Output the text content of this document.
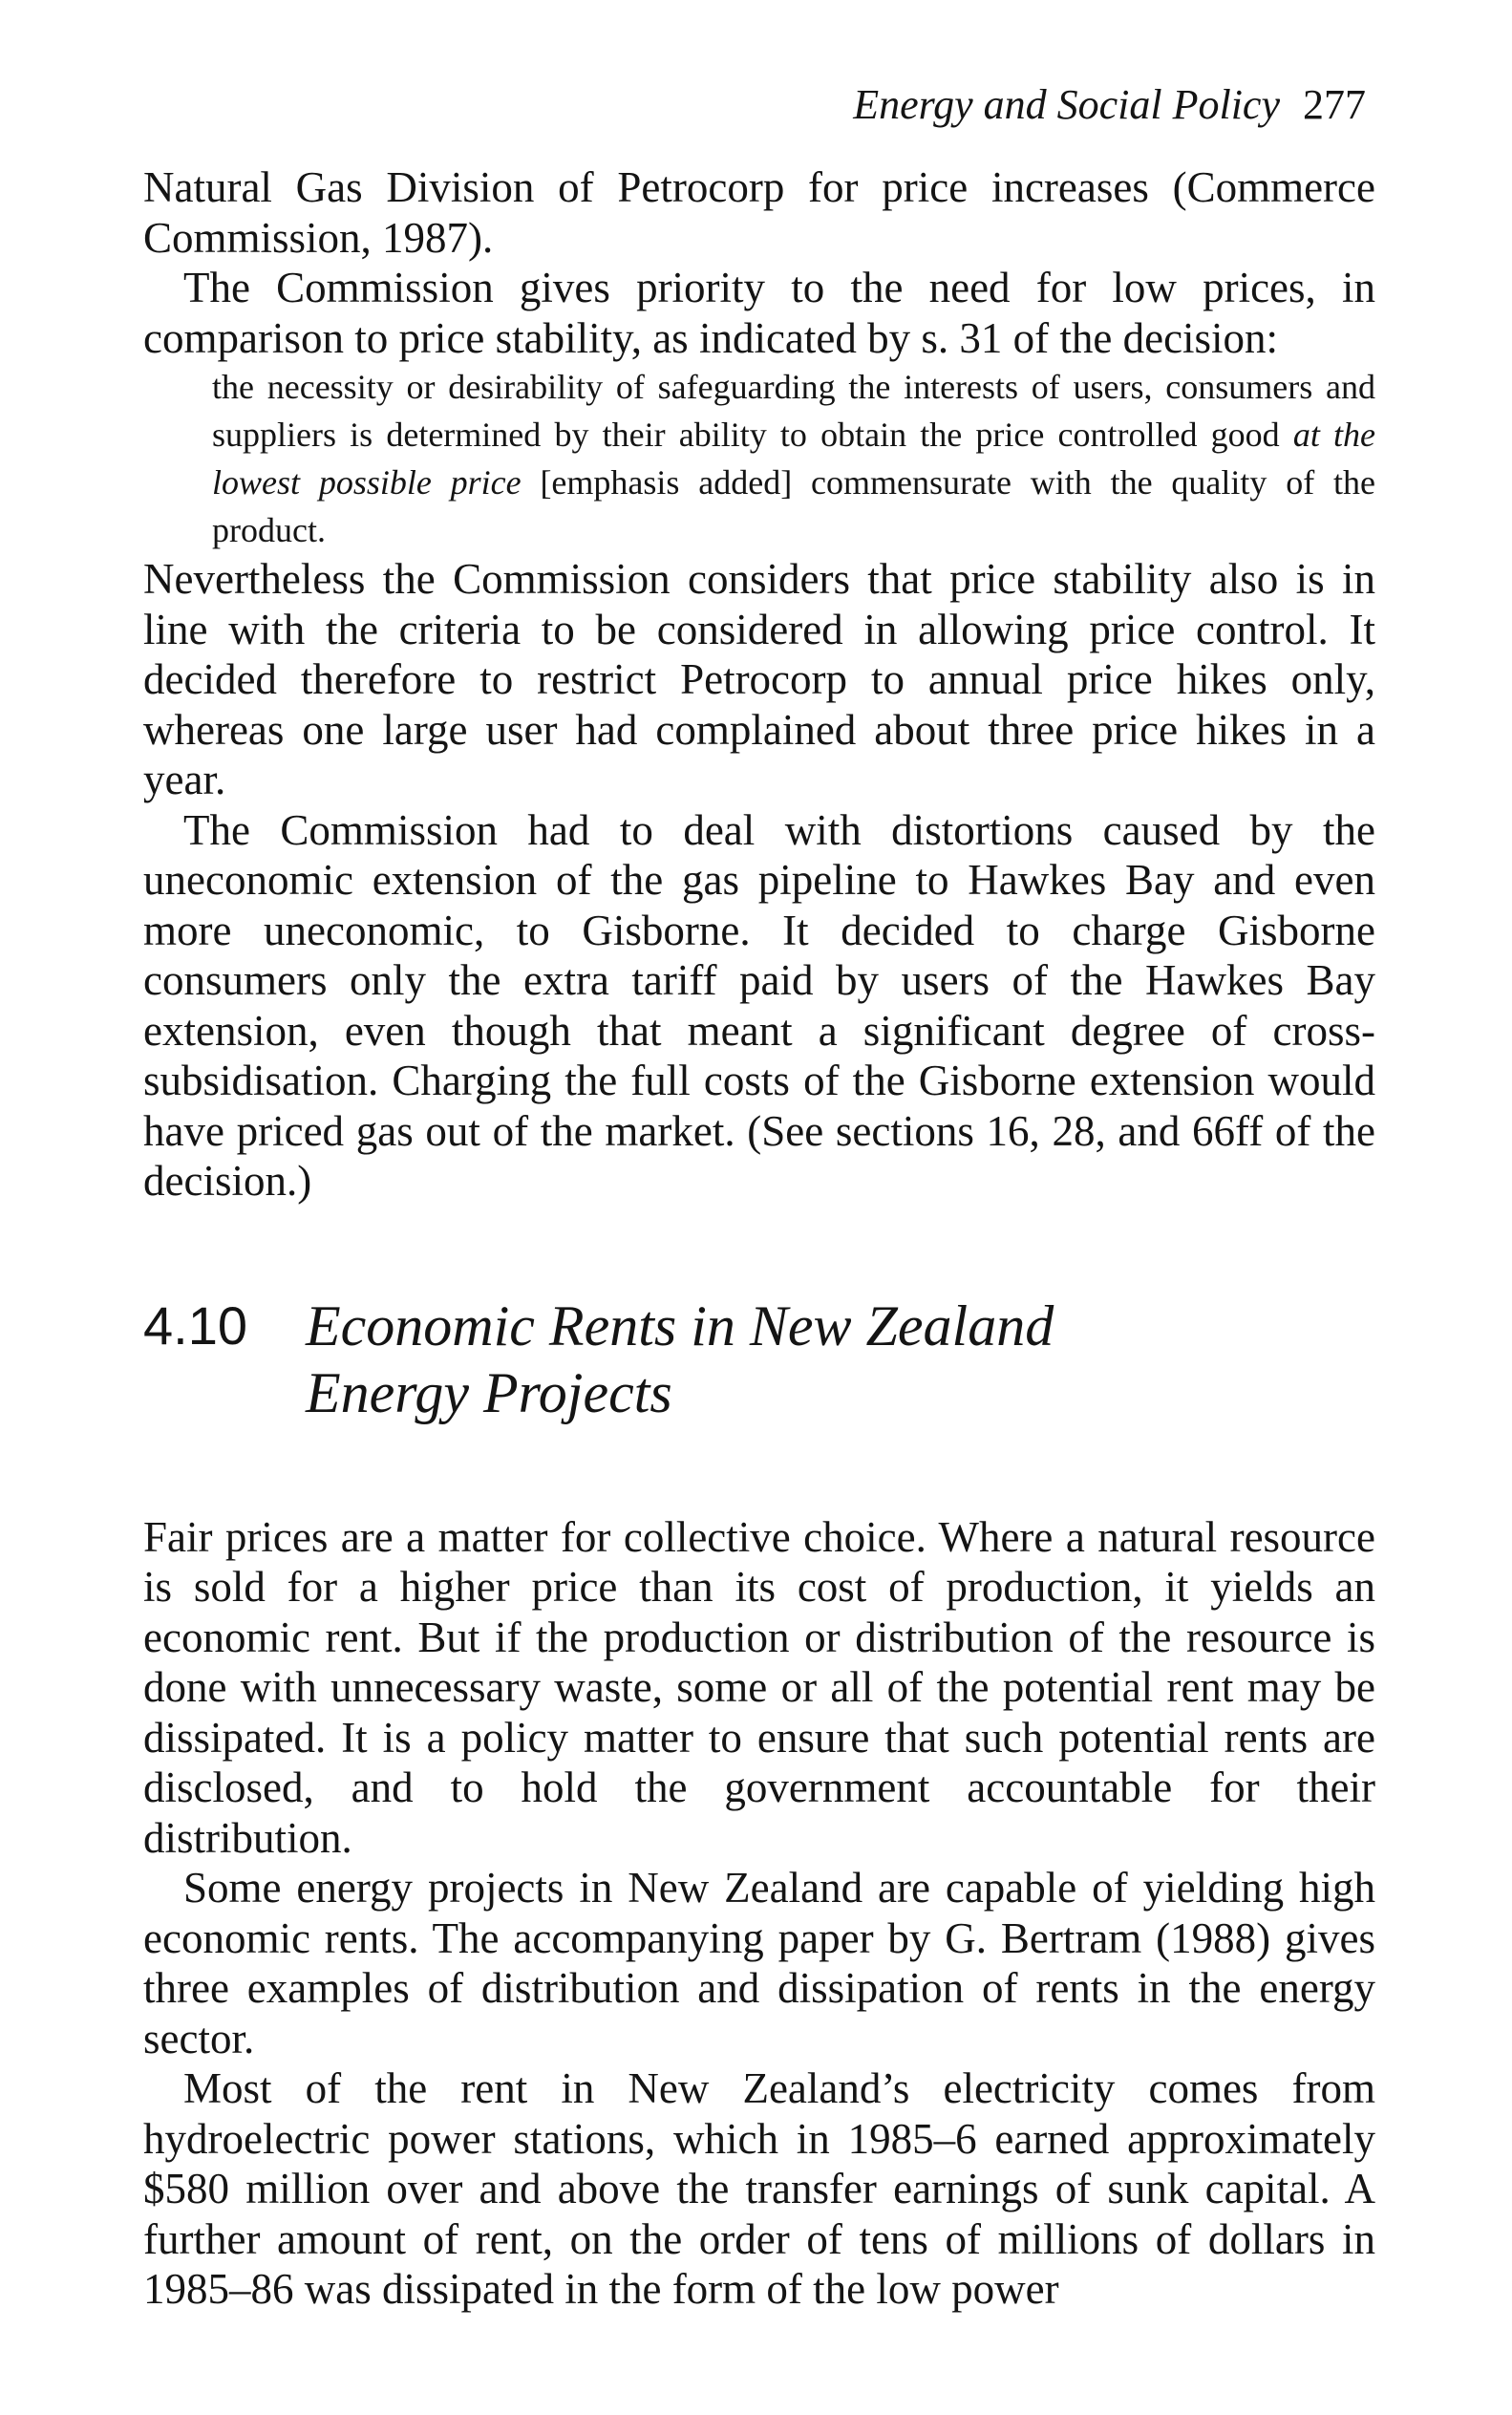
Energy and Social Policy 277

Natural Gas Division of Petrocorp for price increases (Commerce Commission, 1987).

The Commission gives priority to the need for low prices, in comparison to price stability, as indicated by s. 31 of the decision:

the necessity or desirability of safeguarding the interests of users, consumers and suppliers is determined by their ability to obtain the price controlled good at the lowest possible price [emphasis added] commensurate with the quality of the product.

Nevertheless the Commission considers that price stability also is in line with the criteria to be considered in allowing price control. It decided therefore to restrict Petrocorp to annual price hikes only, whereas one large user had complained about three price hikes in a year.

The Commission had to deal with distortions caused by the uneconomic extension of the gas pipeline to Hawkes Bay and even more uneconomic, to Gisborne. It decided to charge Gisborne consumers only the extra tariff paid by users of the Hawkes Bay extension, even though that meant a significant degree of cross-subsidisation. Charging the full costs of the Gisborne extension would have priced gas out of the market. (See sections 16, 28, and 66ff of the decision.)

4.10	Economic Rents in New Zealand Energy Projects

Fair prices are a matter for collective choice. Where a natural resource is sold for a higher price than its cost of production, it yields an economic rent. But if the production or distribution of the resource is done with unnecessary waste, some or all of the potential rent may be dissipated. It is a policy matter to ensure that such potential rents are disclosed, and to hold the government accountable for their distribution.

Some energy projects in New Zealand are capable of yielding high economic rents. The accompanying paper by G. Bertram (1988) gives three examples of distribution and dissipation of rents in the energy sector.

Most of the rent in New Zealand’s electricity comes from hydroelectric power stations, which in 1985–6 earned approximately $580 million over and above the transfer earnings of sunk capital. A further amount of rent, on the order of tens of millions of dollars in 1985–86 was dissipated in the form of the low power
